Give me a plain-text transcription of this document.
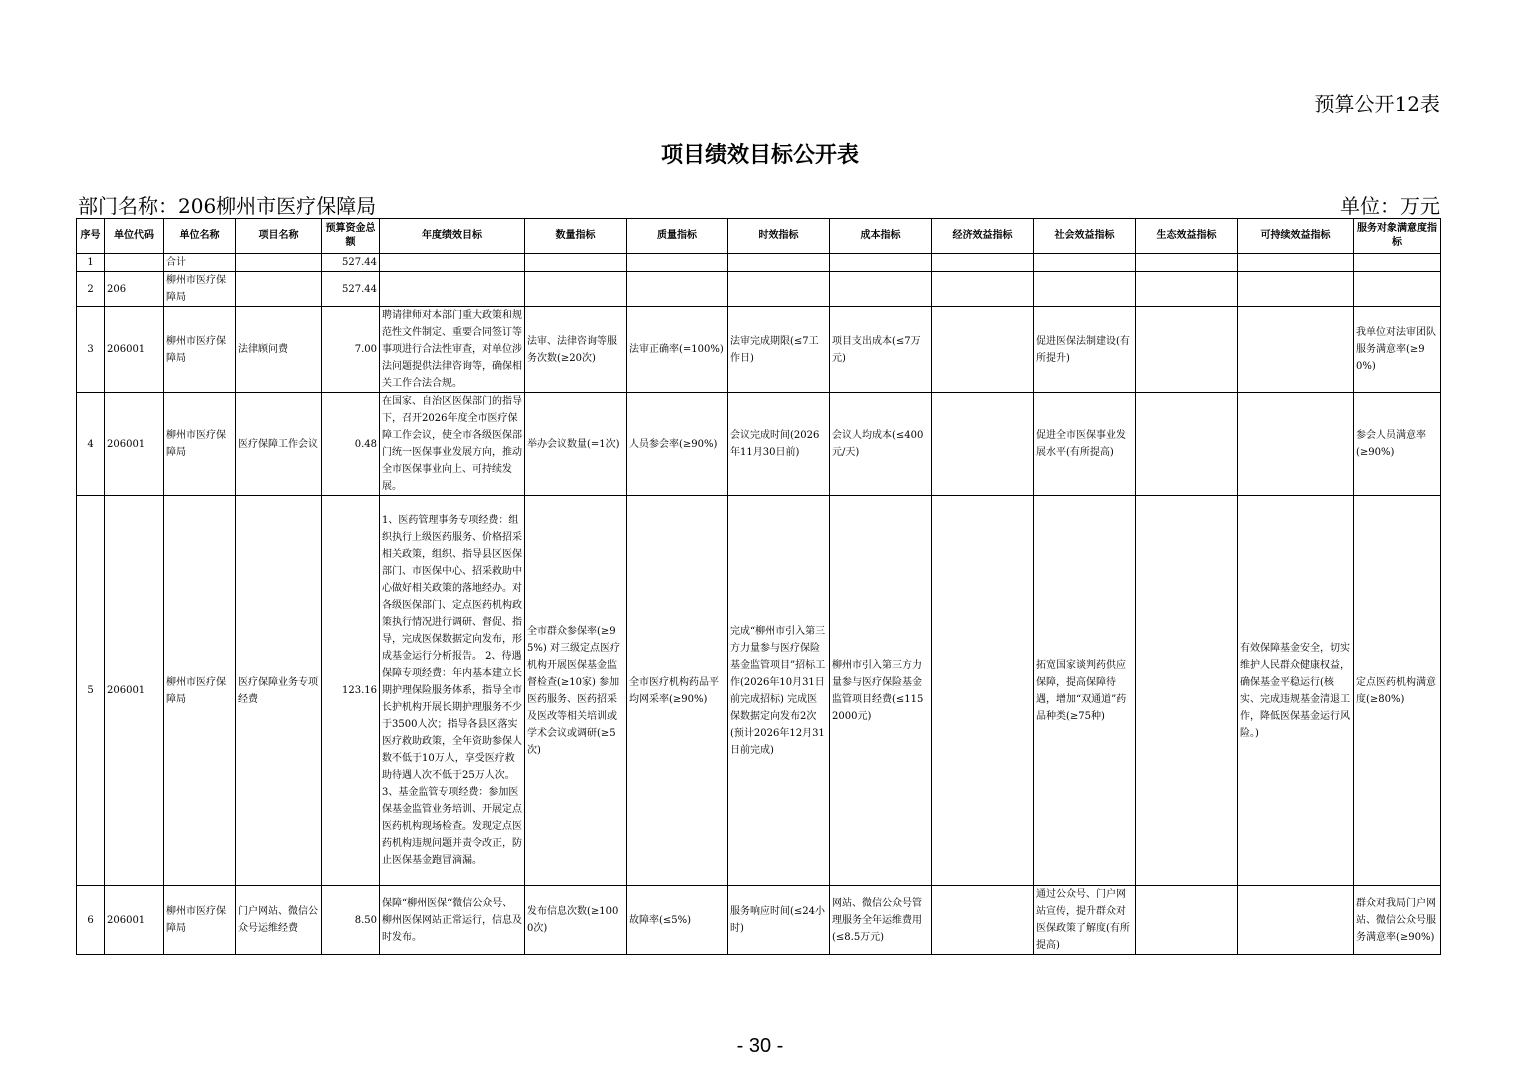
预算公开12表
项目绩效目标公开表
部门名称：206柳州市医疗保障局	单位：万元
序号	单位代码	单位名称	项目名称	预算资金总额	年度绩效目标	数量指标	质量指标	时效指标	成本指标	经济效益指标	社会效益指标	生态效益指标	可持续效益指标	服务对象满意度指标
1		合计		527.44										
2	206	柳州市医疗保障局		527.44										
3	206001	柳州市医疗保障局	法律顾问费	7.00	聘请律师对本部门重大政策和规范性文件制定、重要合同签订等事项进行合法性审查，对单位涉法问题提供法律咨询等，确保相关工作合法合规。	法审、法律咨询等服务次数(≥20次)	法审正确率(=100%)	法审完成期限(≤7工作日)	项目支出成本(≤7万元)		促进医保法制建设(有所提升)			我单位对法审团队服务满意率(≥90%)
4	206001	柳州市医疗保障局	医疗保障工作会议	0.48	在国家、自治区医保部门的指导下，召开2026年度全市医疗保障工作会议，使全市各级医保部门统一医保事业发展方向，推动全市医保事业向上、可持续发展。	举办会议数量(=1次)	人员参会率(≥90%)	会议完成时间(2026年11月30日前)	会议人均成本(≤400元/天)		促进全市医保事业发展水平(有所提高)			参会人员满意率(≥90%)
5	206001	柳州市医疗保障局	医疗保障业务专项经费	123.16	1、医药管理事务专项经费：组织执行上级医药服务、价格招采相关政策，组织、指导县区医保部门、市医保中心、招采救助中心做好相关政策的落地经办。对各级医保部门、定点医药机构政策执行情况进行调研、督促、指导，完成医保数据定向发布，形成基金运行分析报告。 2、待遇保障专项经费：年内基本建立长期护理保险服务体系，指导全市长护机构开展长期护理服务不少于3500人次；指导各县区落实医疗救助政策，全年资助参保人数不低于10万人，享受医疗救助待遇人次不低于25万人次。 3、基金监管专项经费：参加医保基金监管业务培训、开展定点医药机构现场检查。发现定点医药机构违规问题并责令改正，防止医保基金跑冒滴漏。	全市群众参保率(≥95%) 对三级定点医疗机构开展医保基金监督检查(≥10家) 参加医药服务、医药招采及医改等相关培训或学术会议或调研(≥5次)	全市医疗机构药品平均网采率(≥90%)	完成“柳州市引入第三方力量参与医疗保险基金监管项目”招标工作(2026年10月31日前完成招标) 完成医保数据定向发布2次(预计2026年12月31日前完成)	柳州市引入第三方力量参与医疗保险基金监管项目经费(≤1152000元)		拓宽国家谈判药供应保障，提高保障待遇，增加“双通道”药品种类(≥75种)		有效保障基金安全，切实维护人民群众健康权益，确保基金平稳运行(核实、完成违规基金清退工作，降低医保基金运行风险。)	定点医药机构满意度(≥80%)
6	206001	柳州市医疗保障局	门户网站、微信公众号运维经费	8.50	保障“柳州医保“微信公众号、柳州医保网站正常运行，信息及时发布。	发布信息次数(≥1000次)	故障率(≤5%)	服务响应时间(≤24小时)	网站、微信公众号管理服务全年运维费用(≤8.5万元)		通过公众号、门户网站宣传，提升群众对医保政策了解度(有所提高)			群众对我局门户网站、微信公众号服务满意率(≥90%)
- 30 -
